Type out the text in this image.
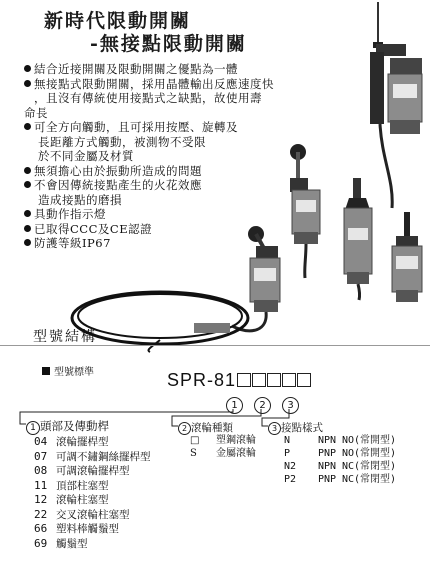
新時代限動開關
-無接點限動開關
結合近接開關及限動開關之優點為一體
無接點式限動開關，採用晶體輸出反應速度快
，且沒有傳統使用接點式之缺點，故使用壽
命長
可全方向觸動，且可採用按壓、旋轉及
長距離方式觸動，被測物不受限
於不同金屬及材質
無須擔心由於振動所造成的問題
不會因傳統接點產生的火花效應
造成接點的磨損
具動作指示燈
已取得CCC及CE認證
防護等級IP67
型號結構
型號標準	SPR-81
1	2	3
1 頭部及傳動桿
04 滾輪擺桿型
07 可調不鏽鋼絲擺桿型
08 可調滾輪擺桿型
11 頂部柱塞型
12 滾輪柱塞型
22 交叉滾輪柱塞型
66 塑料棒觸鬚型
69 觸鬚型
2 滾輪種類
□ 塑鋼滾輪
S 金屬滾輪
3 接點樣式
N	NPN NO(常開型)
P	PNP NO(常開型)
N2 NPN NC(常閉型)
P2 PNP NC(常閉型)
